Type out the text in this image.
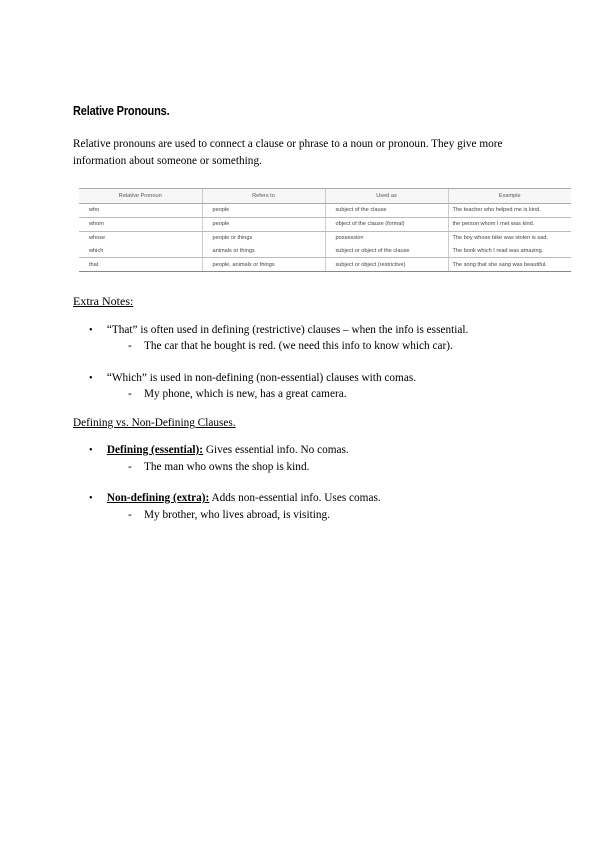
Relative Pronouns.
Relative pronouns are used to connect a clause or phrase to a noun or pronoun. They give more information about someone or something.
Relative Pronoun	Refers to	Used as	Example
who	people	subject of the clause	The teacher who helped me is kind.
whom	people	object of the clause (formal)	the person whom I met was kind.
whose	people or things	possession	The boy whose bike was stolen is sad.
which	animals or things	subject or object of the clause	The book which I read was amazing.
that	people, animals or things	subject or object (restrictive)	The song that she sang was beautiful.
Extra Notes:
• “That” is often used in defining (restrictive) clauses – when the info is essential.
- The car that he bought is red. (we need this info to know which car).
• “Which” is used in non-defining (non-essential) clauses with comas.
- My phone, which is new, has a great camera.
Defining vs. Non-Defining Clauses.
• Defining (essential): Gives essential info. No comas.
- The man who owns the shop is kind.
• Non-defining (extra): Adds non-essential info. Uses comas.
- My brother, who lives abroad, is visiting.
